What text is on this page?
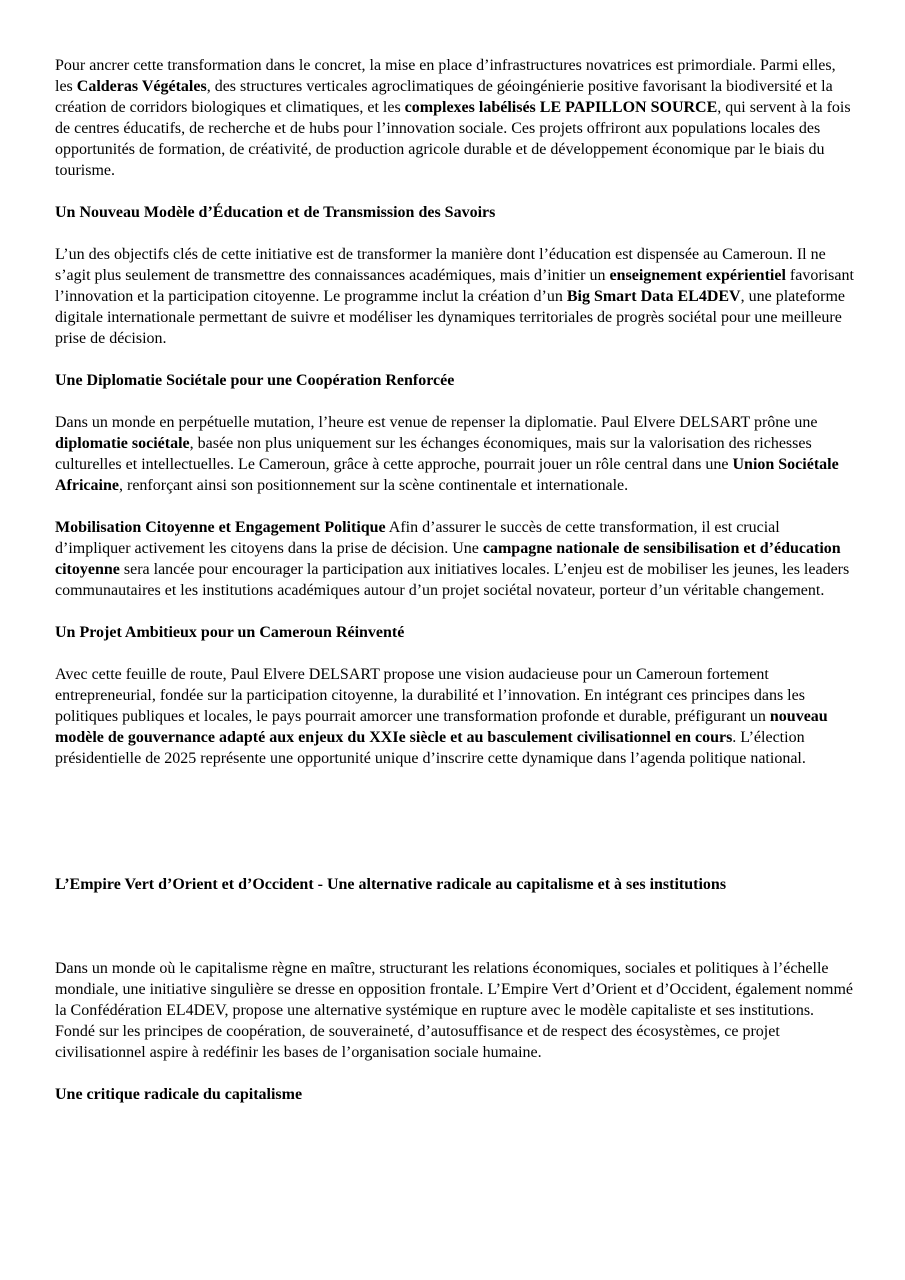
Pour ancrer cette transformation dans le concret, la mise en place d’infrastructures novatrices est primordiale. Parmi elles, les Calderas Végétales, des structures verticales agroclimatiques de géoingénierie positive favorisant la biodiversité et la création de corridors biologiques et climatiques, et les complexes labélisés LE PAPILLON SOURCE, qui servent à la fois de centres éducatifs, de recherche et de hubs pour l’innovation sociale. Ces projets offriront aux populations locales des opportunités de formation, de créativité, de production agricole durable et de développement économique par le biais du tourisme.

Un Nouveau Modèle d’Éducation et de Transmission des Savoirs

L’un des objectifs clés de cette initiative est de transformer la manière dont l’éducation est dispensée au Cameroun. Il ne s’agit plus seulement de transmettre des connaissances académiques, mais d’initier un enseignement expérientiel favorisant l’innovation et la participation citoyenne. Le programme inclut la création d’un Big Smart Data EL4DEV, une plateforme digitale internationale permettant de suivre et modéliser les dynamiques territoriales de progrès sociétal pour une meilleure prise de décision.

Une Diplomatie Sociétale pour une Coopération Renforcée

Dans un monde en perpétuelle mutation, l’heure est venue de repenser la diplomatie. Paul Elvere DELSART prône une diplomatie sociétale, basée non plus uniquement sur les échanges économiques, mais sur la valorisation des richesses culturelles et intellectuelles. Le Cameroun, grâce à cette approche, pourrait jouer un rôle central dans une Union Sociétale Africaine, renforçant ainsi son positionnement sur la scène continentale et internationale.

Mobilisation Citoyenne et Engagement Politique Afin d’assurer le succès de cette transformation, il est crucial d’impliquer activement les citoyens dans la prise de décision. Une campagne nationale de sensibilisation et d’éducation citoyenne sera lancée pour encourager la participation aux initiatives locales. L’enjeu est de mobiliser les jeunes, les leaders communautaires et les institutions académiques autour d’un projet sociétal novateur, porteur d’un véritable changement.

Un Projet Ambitieux pour un Cameroun Réinventé

Avec cette feuille de route, Paul Elvere DELSART propose une vision audacieuse pour un Cameroun fortement entrepreneurial, fondée sur la participation citoyenne, la durabilité et l’innovation. En intégrant ces principes dans les politiques publiques et locales, le pays pourrait amorcer une transformation profonde et durable, préfigurant un nouveau modèle de gouvernance adapté aux enjeux du XXIe siècle et au basculement civilisationnel en cours. L’élection présidentielle de 2025 représente une opportunité unique d’inscrire cette dynamique dans l’agenda politique national.

L’Empire Vert d’Orient et d’Occident - Une alternative radicale au capitalisme et à ses institutions

Dans un monde où le capitalisme règne en maître, structurant les relations économiques, sociales et politiques à l’échelle mondiale, une initiative singulière se dresse en opposition frontale. L’Empire Vert d’Orient et d’Occident, également nommé la Confédération EL4DEV, propose une alternative systémique en rupture avec le modèle capitaliste et ses institutions. Fondé sur les principes de coopération, de souveraineté, d’autosuffisance et de respect des écosystèmes, ce projet civilisationnel aspire à redéfinir les bases de l’organisation sociale humaine.

Une critique radicale du capitalisme
